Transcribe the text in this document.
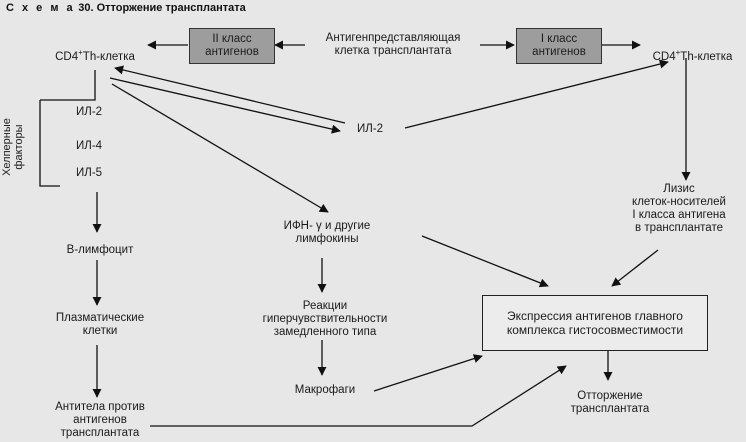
С х е м а 30. Отторжение трансплантата

CD4+Th-клетка

II класс
антигенов
Антигенпредставляющая
клетка трансплантата
I класс
антигенов	CD4+Th-клетка

ИЛ-2
ИЛ-4
ИЛ-5
Хелперные
факторы	ИЛ-2
Лизис
клеток-носителей
I класса антигена
в трансплантате
ИФН- γ и другие
лимфокины
В-лимфоцит
Плазматические
клетки
Реакции
гиперчувствительности
замедленного типа
Экспрессия антигенов главного
комплекса гистосовместимости
Макрофаги
Антитела против
антигенов
трансплантата
Отторжение
трансплантата
